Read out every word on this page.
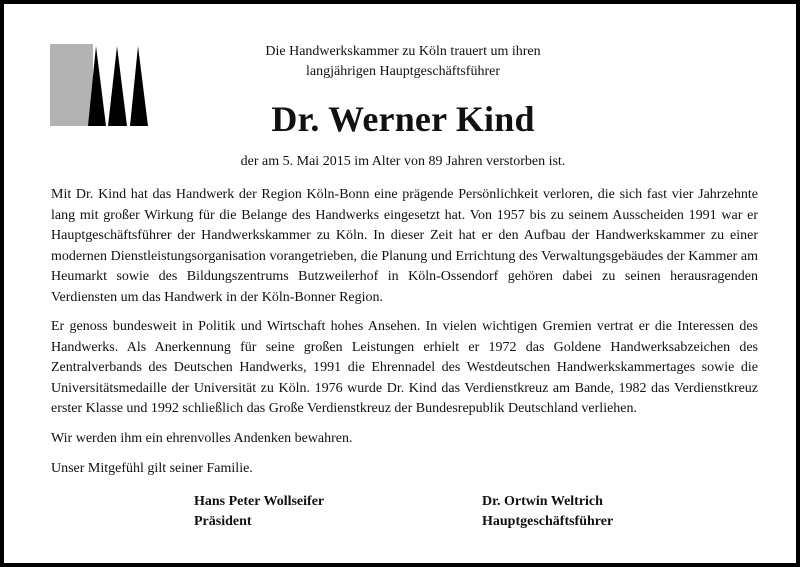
Die Handwerkskammer zu Köln trauert um ihren
langjährigen Hauptgeschäftsführer
Dr. Werner Kind
der am 5. Mai 2015 im Alter von 89 Jahren verstorben ist.

Mit Dr. Kind hat das Handwerk der Region Köln-Bonn eine prägende Persönlichkeit verloren, die sich fast vier Jahrzehnte lang mit großer Wirkung für die Belange des Handwerks eingesetzt hat. Von 1957 bis zu seinem Ausscheiden 1991 war er Hauptgeschäftsführer der Handwerkskammer zu Köln. In dieser Zeit hat er den Aufbau der Handwerkskammer zu einer modernen Dienstleistungsorganisation vorangetrieben, die Planung und Errichtung des Verwaltungsgebäudes der Kammer am Heumarkt sowie des Bildungszentrums Butzweilerhof in Köln-Ossendorf gehören dabei zu seinen herausragenden Verdiensten um das Handwerk in der Köln-Bonner Region.

Er genoss bundesweit in Politik und Wirtschaft hohes Ansehen. In vielen wichtigen Gremien vertrat er die Interessen des Handwerks. Als Anerkennung für seine großen Leistungen erhielt er 1972 das Goldene Handwerksabzeichen des Zentralverbands des Deutschen Handwerks, 1991 die Ehrennadel des Westdeutschen Handwerkskammertages sowie die Universitätsmedaille der Universität zu Köln. 1976 wurde Dr. Kind das Verdienstkreuz am Bande, 1982 das Verdienstkreuz erster Klasse und 1992 schließlich das Große Verdienstkreuz der Bundesrepublik Deutschland verliehen.

Wir werden ihm ein ehrenvolles Andenken bewahren.

Unser Mitgefühl gilt seiner Familie.

Hans Peter Wollseifer
Präsident
Dr. Ortwin Weltrich
Hauptgeschäftsführer
